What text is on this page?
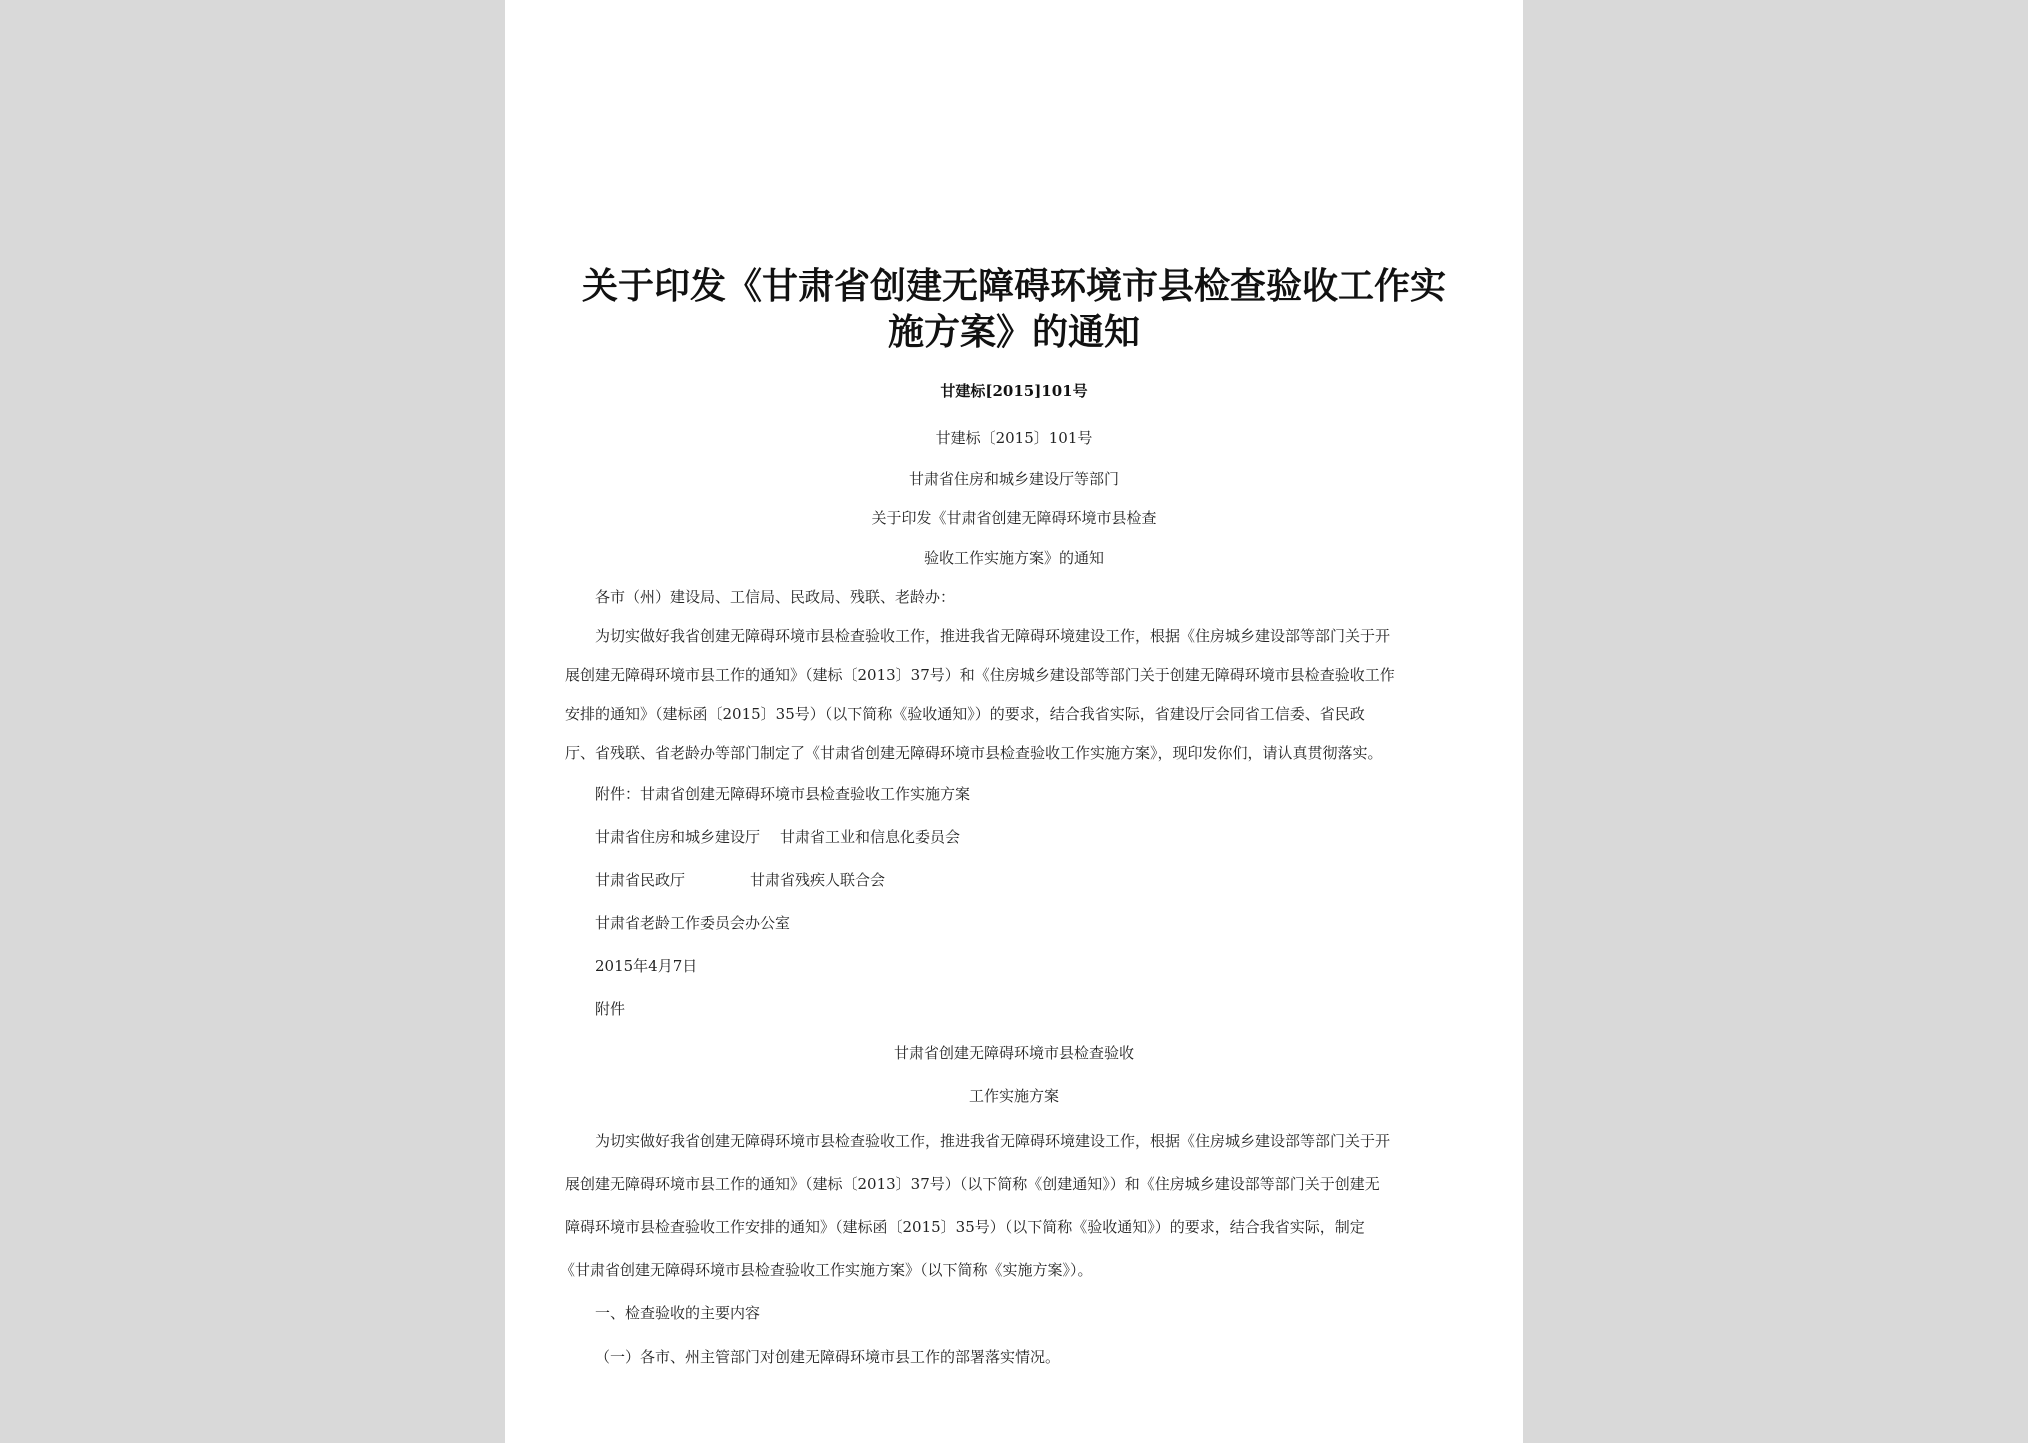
关于印发《甘肃省创建无障碍环境市县检查验收工作实
施方案》的通知
甘建标[2015]101号
甘建标〔2015〕101号
甘肃省住房和城乡建设厅等部门
关于印发《甘肃省创建无障碍环境市县检查
验收工作实施方案》的通知
各市（州）建设局、工信局、民政局、残联、老龄办：
为切实做好我省创建无障碍环境市县检查验收工作，推进我省无障碍环境建设工作，根据《住房城乡建设部等部门关于开
展创建无障碍环境市县工作的通知》（建标〔2013〕37号）和《住房城乡建设部等部门关于创建无障碍环境市县检查验收工作
安排的通知》（建标函〔2015〕35号）（以下简称《验收通知》）的要求，结合我省实际，省建设厅会同省工信委、省民政
厅、省残联、省老龄办等部门制定了《甘肃省创建无障碍环境市县检查验收工作实施方案》，现印发你们，请认真贯彻落实。
附件：甘肃省创建无障碍环境市县检查验收工作实施方案
甘肃省住房和城乡建设厅 甘肃省工业和信息化委员会
甘肃省民政厅	甘肃省残疾人联合会
甘肃省老龄工作委员会办公室
2015年4月7日
附件
甘肃省创建无障碍环境市县检查验收
工作实施方案
为切实做好我省创建无障碍环境市县检查验收工作，推进我省无障碍环境建设工作，根据《住房城乡建设部等部门关于开
展创建无障碍环境市县工作的通知》（建标〔2013〕37号）（以下简称《创建通知》）和《住房城乡建设部等部门关于创建无
障碍环境市县检查验收工作安排的通知》（建标函〔2015〕35号）（以下简称《验收通知》）的要求，结合我省实际，制定
《甘肃省创建无障碍环境市县检查验收工作实施方案》（以下简称《实施方案》）。
一、检查验收的主要内容
（一）各市、州主管部门对创建无障碍环境市县工作的部署落实情况。
